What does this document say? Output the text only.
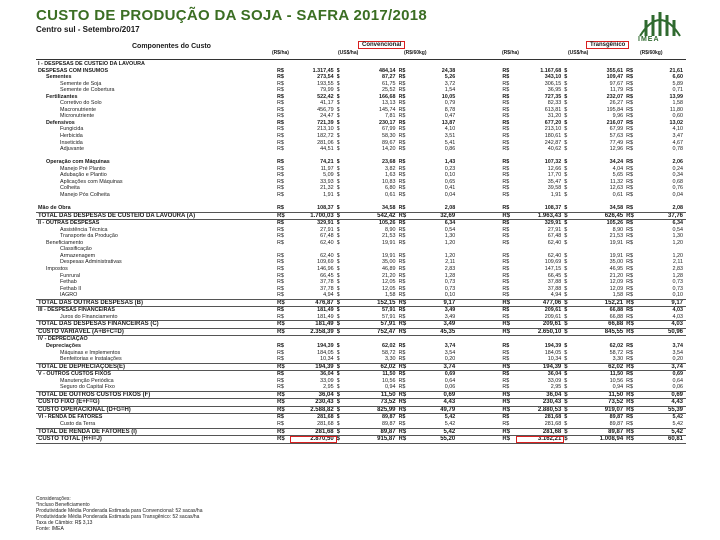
CUSTO DE PRODUÇÃO DA SOJA - SAFRA 2017/2018
Centro sul - Setembro/2017
IMEA
Componentes do Custo	Convencional	Transgênico
(R$/ha)	(US$/ha)	(R$/60kg)	(R$/ha)	(US$/ha)	(R$/60kg)
I - DESPESAS DE CUSTEIO DA LAVOURA													
DESPESAS COM INSUMOS	R$	1.317,45	$	484,14	R$	24,38		R$	1.167,68	$	355,61	R$	21,61
Sementes	R$	273,54	$	87,27	R$	5,26		R$	343,10	$	109,47	R$	6,60
Semente de Soja	R$	193,55	$	61,75	R$	3,72		R$	306,15	$	97,67	R$	5,89
Semente de Cobertura	R$	79,99	$	25,52	R$	1,54		R$	36,95	$	11,79	R$	0,71
Fertilizantes	R$	522,42	$	166,68	R$	10,05		R$	727,35	$	232,07	R$	13,99
Corretivo do Solo	R$	41,17	$	13,13	R$	0,79		R$	82,33	$	26,27	R$	1,58
Macronutriente	R$	456,79	$	145,74	R$	8,78		R$	613,81	$	195,84	R$	11,80
Micronutriente	R$	24,47	$	7,81	R$	0,47		R$	31,20	$	9,96	R$	0,60
Defensivos	R$	721,39	$	230,17	R$	13,87		R$	677,20	$	216,07	R$	13,02
Fungicida	R$	213,10	$	67,99	R$	4,10		R$	213,10	$	67,99	R$	4,10
Herbicida	R$	182,72	$	58,30	R$	3,51		R$	180,61	$	57,63	R$	3,47
Inseticida	R$	281,06	$	89,67	R$	5,41		R$	242,87	$	77,49	R$	4,67
Adjuvante	R$	44,51	$	14,20	R$	0,86		R$	40,62	$	12,96	R$	0,78

Operação com Máquinas	R$	74,21	$	23,68	R$	1,43		R$	107,32	$	34,24	R$	2,06
Manejo Pré Plantio	R$	11,97	$	3,82	R$	0,23		R$	12,66	$	4,04	R$	0,24
Adubação e Plantio	R$	5,09	$	1,63	R$	0,10		R$	17,70	$	5,65	R$	0,34
Aplicações com Máquinas	R$	33,93	$	10,83	R$	0,65		R$	35,47	$	11,32	R$	0,68
Colheita	R$	21,32	$	6,80	R$	0,41		R$	39,58	$	12,63	R$	0,76
Manejo Pós Colheita	R$	1,91	$	0,61	R$	0,04		R$	1,91	$	0,61	R$	0,04

Mão de Obra	R$	108,37	$	34,58	R$	2,08		R$	108,37	$	34,58	R$	2,08
TOTAL DAS DESPESAS DE CUSTEIO DA LAVOURA (A)	R$	1.700,03	$	542,42	R$	32,69		R$	1.963,43	$	626,45	R$	37,76
II - OUTRAS DESPESAS	R$	329,91	$	105,26	R$	6,34		R$	329,91	$	105,26	R$	6,34
Assistência Técnica	R$	27,91	$	8,90	R$	0,54		R$	27,91	$	8,90	R$	0,54
Transporte da Produção	R$	67,48	$	21,53	R$	1,30		R$	67,48	$	21,53	R$	1,30
Beneficiamento	R$	62,40	$	19,91	R$	1,20		R$	62,40	$	19,91	R$	1,20
Classificação													
Armazenagem	R$	62,40	$	19,91	R$	1,20		R$	62,40	$	19,91	R$	1,20
Despesas Administrativas	R$	109,69	$	35,00	R$	2,11		R$	109,69	$	35,00	R$	2,11
Impostos	R$	146,96	$	46,89	R$	2,83		R$	147,15	$	46,95	R$	2,83
Funrural	R$	66,45	$	21,20	R$	1,28		R$	66,45	$	21,20	R$	1,28
Fethab	R$	37,78	$	12,05	R$	0,73		R$	37,88	$	12,09	R$	0,73
Fethab II	R$	37,78	$	12,05	R$	0,73		R$	37,88	$	12,09	R$	0,73
IAGRO	R$	4,94	$	1,58	R$	0,10		R$	4,94	$	1,58	R$	0,10
TOTAL DAS OUTRAS DESPESAS (B)	R$	476,87	$	152,15	R$	9,17		R$	477,06	$	152,21	R$	9,17
III - DESPESAS FINANCEIRAS	R$	181,49	$	57,91	R$	3,49		R$	209,61	$	66,88	R$	4,03
Juros do Financiamento	R$	181,49	$	57,91	R$	3,49		R$	209,61	$	66,88	R$	4,03
TOTAL DAS DESPESAS FINANCEIRAS (C)	R$	181,49	$	57,91	R$	3,49		R$	209,61	$	66,88	R$	4,03
CUSTO VARIÁVEL (A+B+C=D)	R$	2.358,39	$	752,47	R$	45,35		R$	2.650,10	$	845,55	R$	50,96
IV - DEPRECIAÇÃO													
Depreciações	R$	194,39	$	62,02	R$	3,74		R$	194,39	$	62,02	R$	3,74
Máquinas e Implementos	R$	184,05	$	58,72	R$	3,54		R$	184,05	$	58,72	R$	3,54
Benfeitorias e Instalações	R$	10,34	$	3,30	R$	0,20		R$	10,34	$	3,30	R$	0,20
TOTAL DE DEPRECIAÇÕES(E)	R$	194,39	$	62,02	R$	3,74		R$	194,39	$	62,02	R$	3,74
V - OUTROS CUSTOS FIXOS	R$	36,04	$	11,50	R$	0,69		R$	36,04	$	11,50	R$	0,69
Manutenção Periódica	R$	33,09	$	10,56	R$	0,64		R$	33,09	$	10,56	R$	0,64
Seguro do Capital Fixo	R$	2,95	$	0,94	R$	0,06		R$	2,95	$	0,94	R$	0,06
TOTAL DE OUTROS CUSTOS FIXOS (F)	R$	36,04	$	11,50	R$	0,69		R$	36,04	$	11,50	R$	0,69
CUSTO FIXO (E+F=G)	R$	230,43	$	73,52	R$	4,43		R$	230,43	$	73,52	R$	4,43
CUSTO OPERACIONAL (D+G=H)	R$	2.588,82	$	825,99	R$	49,79		R$	2.880,53	$	919,07	R$	55,39
VI - RENDA DE FATORES	R$	281,68	$	89,87	R$	5,42		R$	281,68	$	89,87	R$	5,42
Custo da Terra	R$	281,68	$	89,87	R$	5,42		R$	281,68	$	89,87	R$	5,42
TOTAL DE RENDA DE FATORES (I)	R$	281,68	$	89,87	R$	5,42		R$	281,68	$	89,87	R$	5,42
CUSTO TOTAL (H+I=J)	R$	2.870,50	$	915,87	R$	55,20		R$	3.162,21	$	1.008,94	R$	60,81
Considerações:
*Incluso Beneficiamento
Produtividade Média Ponderada Estimada para Convencional: 52 sacas/ha
Produtividade Média Ponderada Estimada para Transgênico: 52 sacas/ha
Taxa de Câmbio: R$ 3,13
Fonte: IMEA
